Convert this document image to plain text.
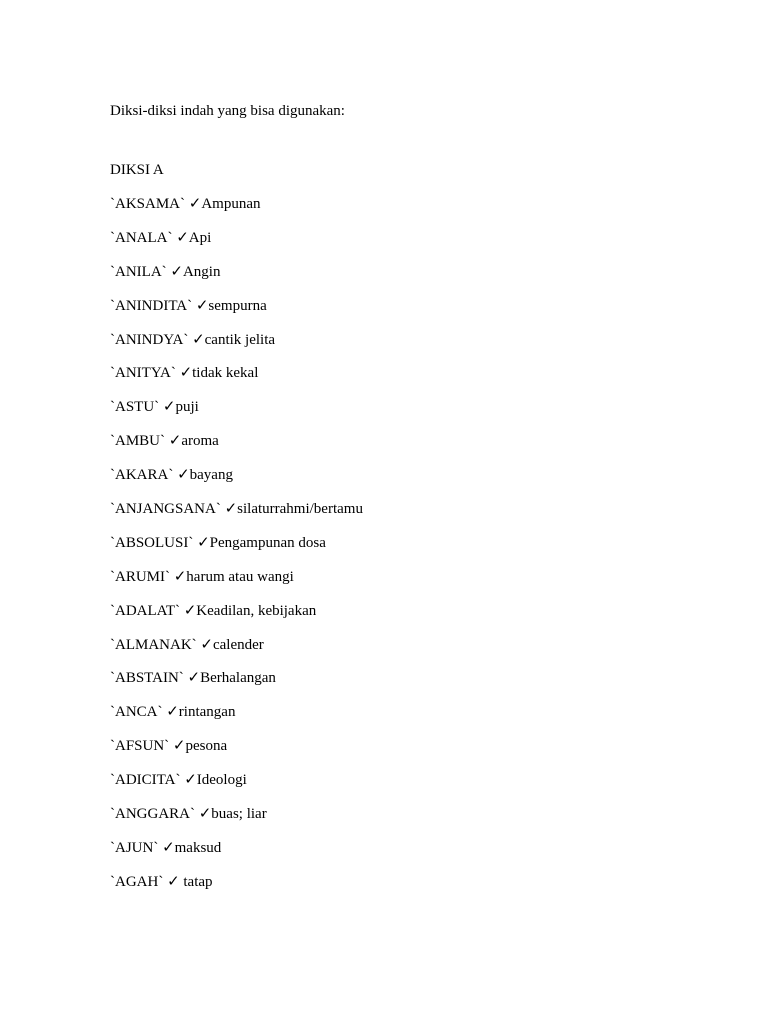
Diksi-diksi indah yang bisa digunakan:
DIKSI A
`AKSAMA` ✓Ampunan
`ANALA` ✓Api
`ANILA` ✓Angin
`ANINDITA` ✓sempurna
`ANINDYA` ✓cantik jelita
`ANITYA` ✓tidak kekal
`ASTU` ✓puji
`AMBU` ✓aroma
`AKARA` ✓bayang
`ANJANGSANA` ✓silaturrahmi/bertamu
`ABSOLUSI` ✓Pengampunan dosa
`ARUMI` ✓harum atau wangi
`ADALAT` ✓Keadilan, kebijakan
`ALMANAK` ✓calender
`ABSTAIN` ✓Berhalangan
`ANCA` ✓rintangan
`AFSUN` ✓pesona
`ADICITA` ✓Ideologi
`ANGGARA` ✓buas; liar
`AJUN` ✓maksud
`AGAH` ✓ tatap
